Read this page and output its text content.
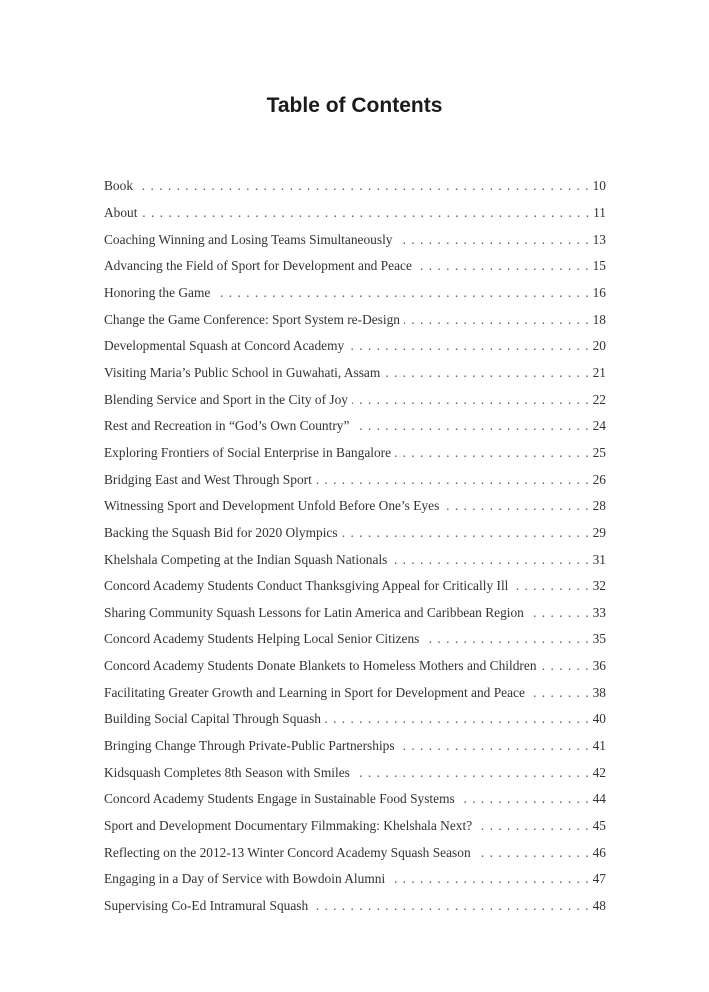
Table of Contents
Book . . .	10
About . . .	11
Coaching Winning and Losing Teams Simultaneously . . .	13
Advancing the Field of Sport for Development and Peace . . .	15
Honoring the Game . . .	16
Change the Game Conference: Sport System re-Design . . .	18
Developmental Squash at Concord Academy . . .	20
Visiting Maria’s Public School in Guwahati, Assam . . .	21
Blending Service and Sport in the City of Joy . . .	22
Rest and Recreation in “God’s Own Country” . . .	24
Exploring Frontiers of Social Enterprise in Bangalore . . .	25
Bridging East and West Through Sport . . .	26
Witnessing Sport and Development Unfold Before One’s Eyes . . .	28
Backing the Squash Bid for 2020 Olympics . . .	29
Khelshala Competing at the Indian Squash Nationals . . .	31
Concord Academy Students Conduct Thanksgiving Appeal for Critically Ill . . .	32
Sharing Community Squash Lessons for Latin America and Caribbean Region . . .	33
Concord Academy Students Helping Local Senior Citizens . . .	35
Concord Academy Students Donate Blankets to Homeless Mothers and Children . . .	36
Facilitating Greater Growth and Learning in Sport for Development and Peace . . .	38
Building Social Capital Through Squash . . .	40
Bringing Change Through Private-Public Partnerships . . .	41
Kidsquash Completes 8th Season with Smiles . . .	42
Concord Academy Students Engage in Sustainable Food Systems . . .	44
Sport and Development Documentary Filmmaking: Khelshala Next? . . .	45
Reflecting on the 2012-13 Winter Concord Academy Squash Season . . .	46
Engaging in a Day of Service with Bowdoin Alumni . . .	47
Supervising Co-Ed Intramural Squash . . .	48
